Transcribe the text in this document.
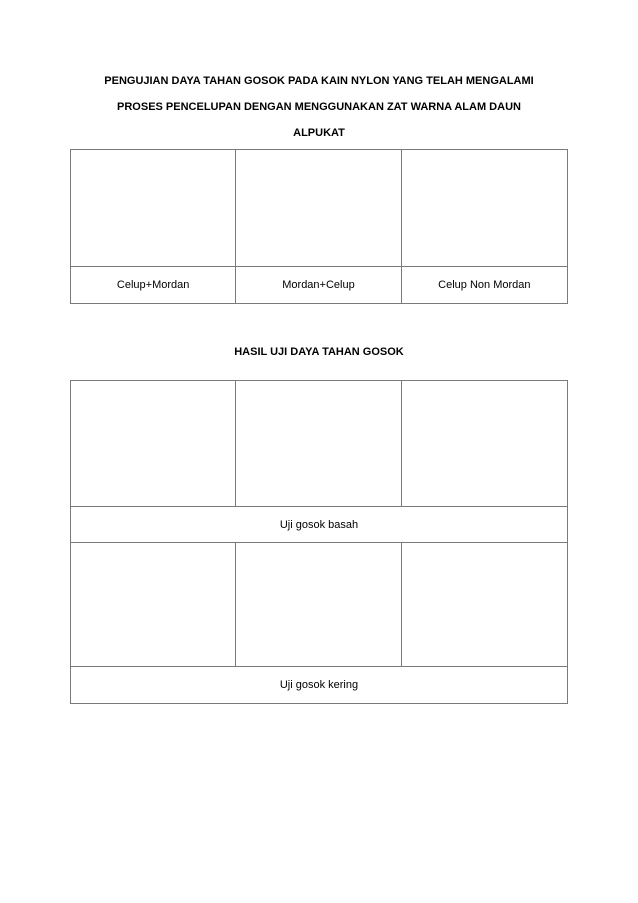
PENGUJIAN DAYA TAHAN GOSOK PADA KAIN NYLON YANG TELAH MENGALAMI
PROSES PENCELUPAN DENGAN MENGGUNAKAN ZAT WARNA ALAM DAUN
ALPUKAT

Celup+Mordan	Mordan+Celup	Celup Non Mordan
HASIL UJI DAYA TAHAN GOSOK

Uji gosok basah		

Uji gosok kering		
